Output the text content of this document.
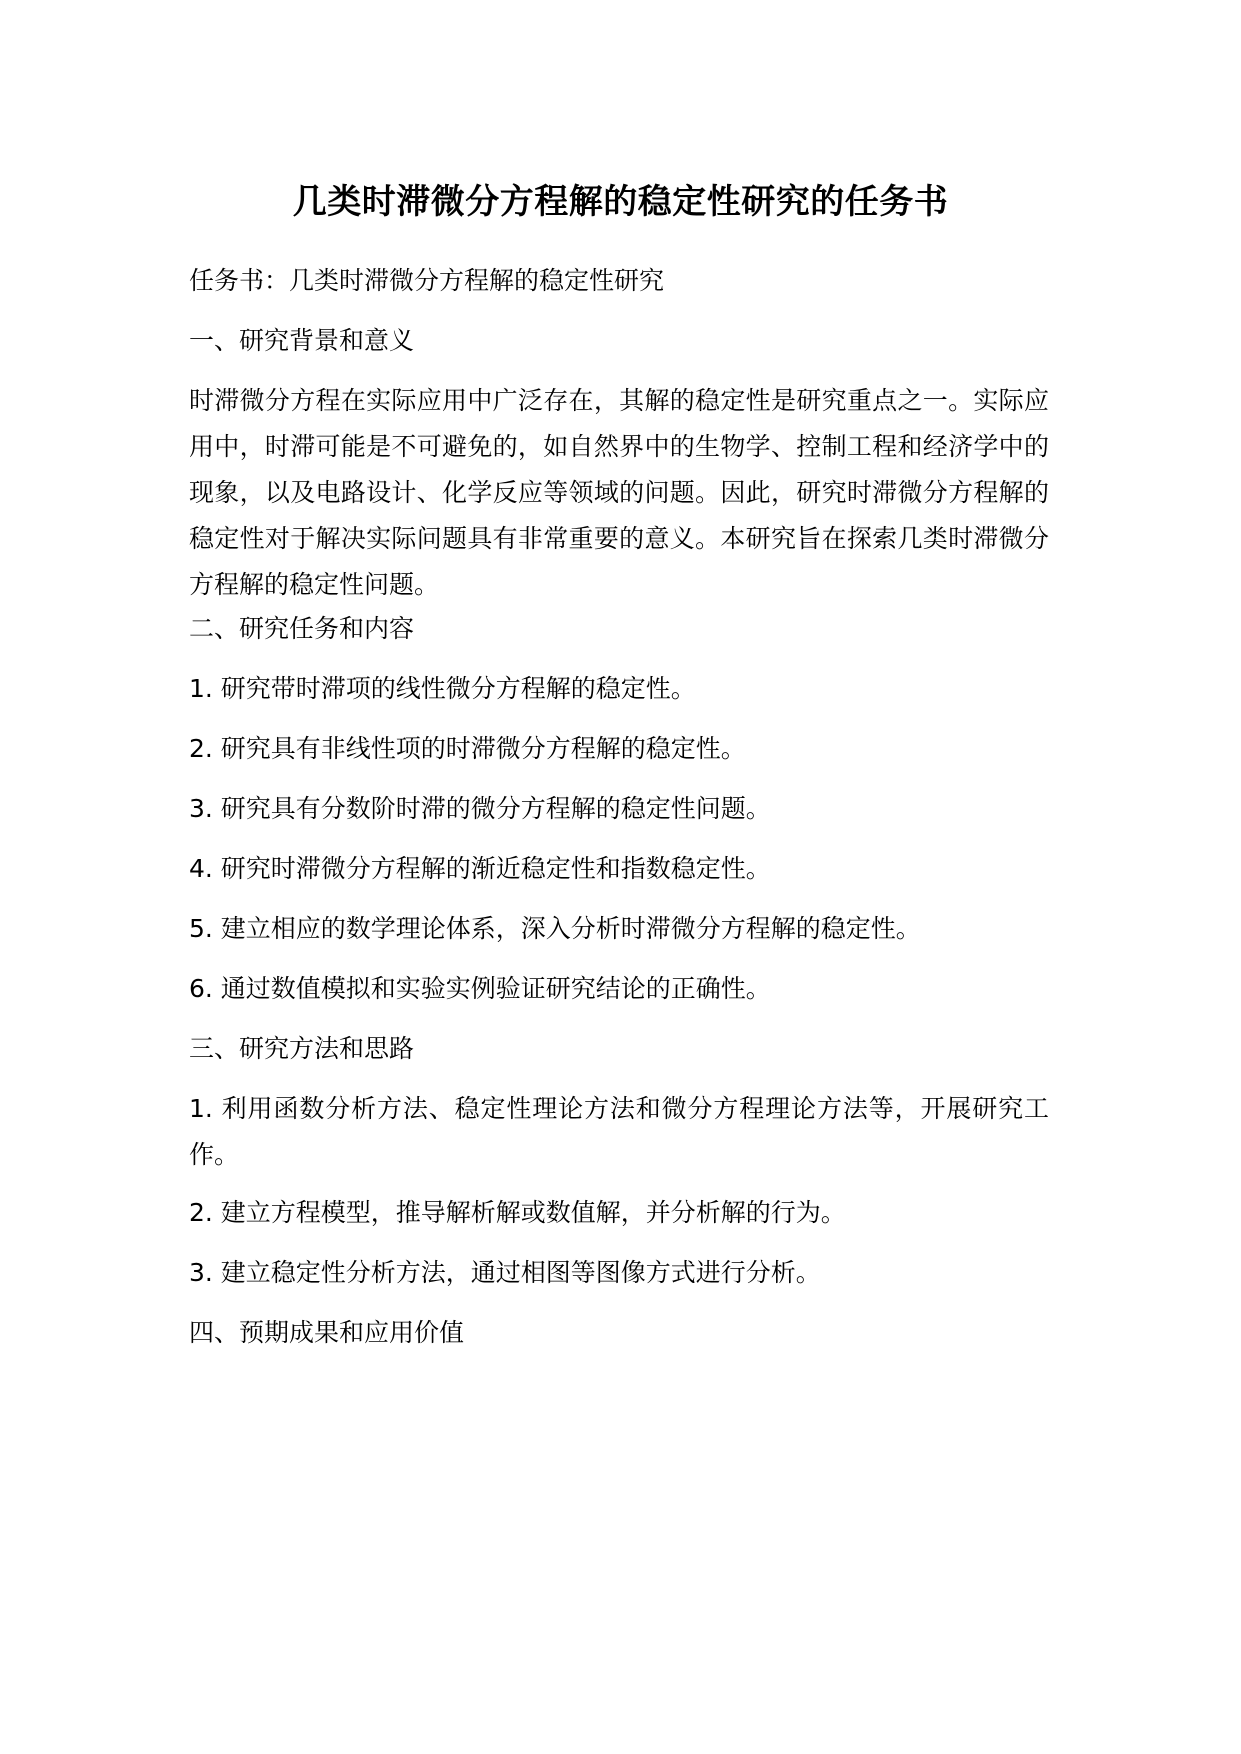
几类时滞微分方程解的稳定性研究的任务书

任务书：几类时滞微分方程解的稳定性研究

一、研究背景和意义

时滞微分方程在实际应用中广泛存在，其解的稳定性是研究重点之一。实际应用中，时滞可能是不可避免的，如自然界中的生物学、控制工程和经济学中的现象，以及电路设计、化学反应等领域的问题。因此，研究时滞微分方程解的稳定性对于解决实际问题具有非常重要的意义。本研究旨在探索几类时滞微分方程解的稳定性问题。

二、研究任务和内容

1. 研究带时滞项的线性微分方程解的稳定性。

2. 研究具有非线性项的时滞微分方程解的稳定性。

3. 研究具有分数阶时滞的微分方程解的稳定性问题。

4. 研究时滞微分方程解的渐近稳定性和指数稳定性。

5. 建立相应的数学理论体系，深入分析时滞微分方程解的稳定性。

6. 通过数值模拟和实验实例验证研究结论的正确性。

三、研究方法和思路

1. 利用函数分析方法、稳定性理论方法和微分方程理论方法等，开展研究工作。

2. 建立方程模型，推导解析解或数值解，并分析解的行为。

3. 建立稳定性分析方法，通过相图等图像方式进行分析。

四、预期成果和应用价值
